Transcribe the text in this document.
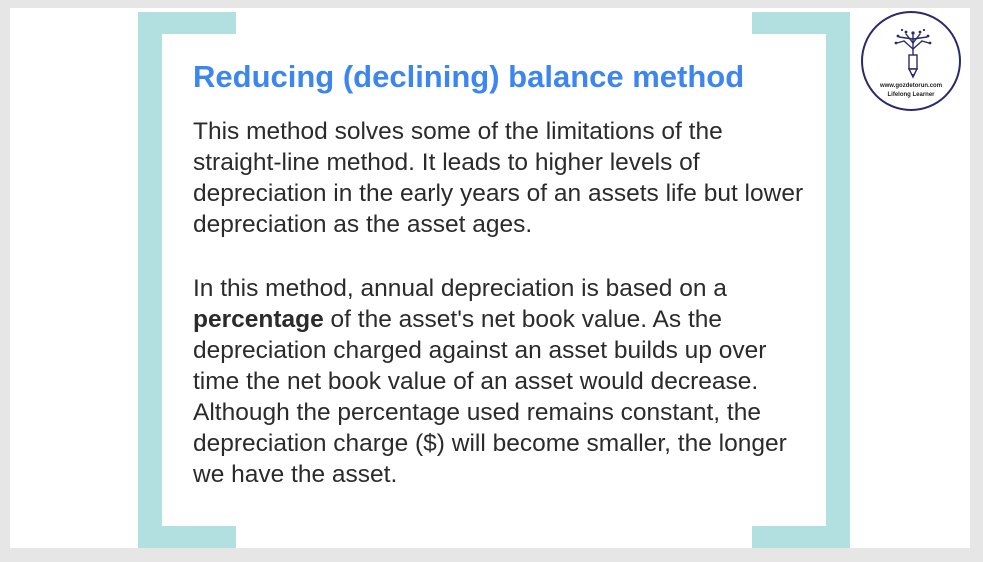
Reducing (declining) balance method

This method solves some of the limitations of the straight-line method. It leads to higher levels of depreciation in the early years of an assets life but lower depreciation as the asset ages.

In this method, annual depreciation is based on a percentage of the asset's net book value. As the depreciation charged against an asset builds up over time the net book value of an asset would decrease. Although the percentage used remains constant, the depreciation charge ($) will become smaller, the longer we have the asset.

www.gozdetorun.com
Lifelong Learner
